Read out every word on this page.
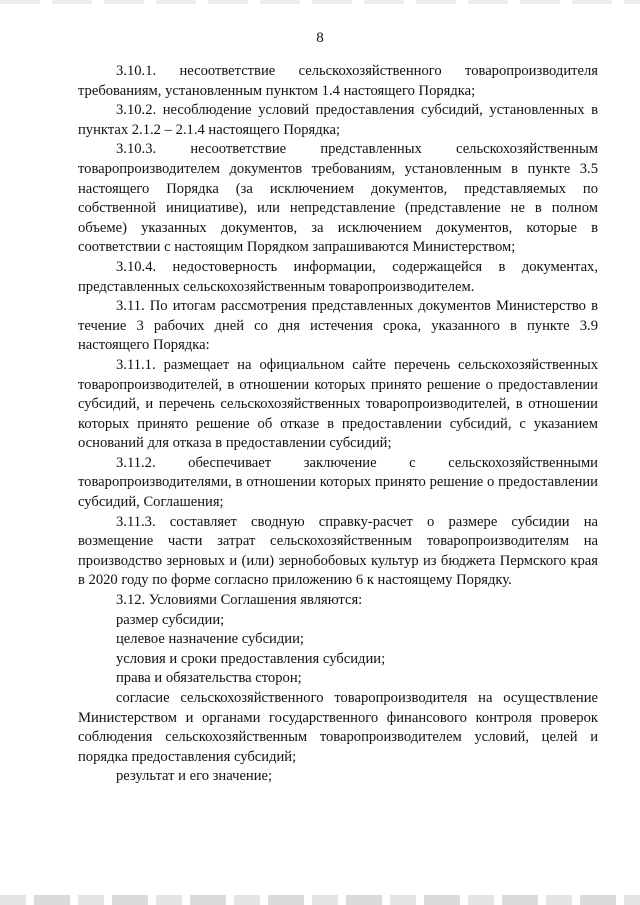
8

3.10.1. несоответствие сельскохозяйственного товаропроизводителя требованиям, установленным пунктом 1.4 настоящего Порядка;

3.10.2. несоблюдение условий предоставления субсидий, установленных в пунктах 2.1.2 – 2.1.4 настоящего Порядка;

3.10.3. несоответствие представленных сельскохозяйственным товаропроизводителем документов требованиям, установленным в пункте 3.5 настоящего Порядка (за исключением документов, представляемых по собственной инициативе), или непредставление (представление не в полном объеме) указанных документов, за исключением документов, которые в соответствии с настоящим Порядком запрашиваются Министерством;

3.10.4. недостоверность информации, содержащейся в документах, представленных сельскохозяйственным товаропроизводителем.

3.11. По итогам рассмотрения представленных документов Министерство в течение 3 рабочих дней со дня истечения срока, указанного в пункте 3.9 настоящего Порядка:

3.11.1. размещает на официальном сайте перечень сельскохозяйственных товаропроизводителей, в отношении которых принято решение о предоставлении субсидий, и перечень сельскохозяйственных товаропроизводителей, в отношении которых принято решение об отказе в предоставлении субсидий, с указанием оснований для отказа в предоставлении субсидий;

3.11.2. обеспечивает заключение с сельскохозяйственными товаропроизводителями, в отношении которых принято решение о предоставлении субсидий, Соглашения;

3.11.3. составляет сводную справку-расчет о размере субсидии на возмещение части затрат сельскохозяйственным товаропроизводителям на производство зерновых и (или) зернобобовых культур из бюджета Пермского края в 2020 году по форме согласно приложению 6 к настоящему Порядку.

3.12. Условиями Соглашения являются:

размер субсидии;

целевое назначение субсидии;

условия и сроки предоставления субсидии;

права и обязательства сторон;

согласие сельскохозяйственного товаропроизводителя на осуществление Министерством и органами государственного финансового контроля проверок соблюдения сельскохозяйственным товаропроизводителем условий, целей и порядка предоставления субсидий;

результат и его значение;
